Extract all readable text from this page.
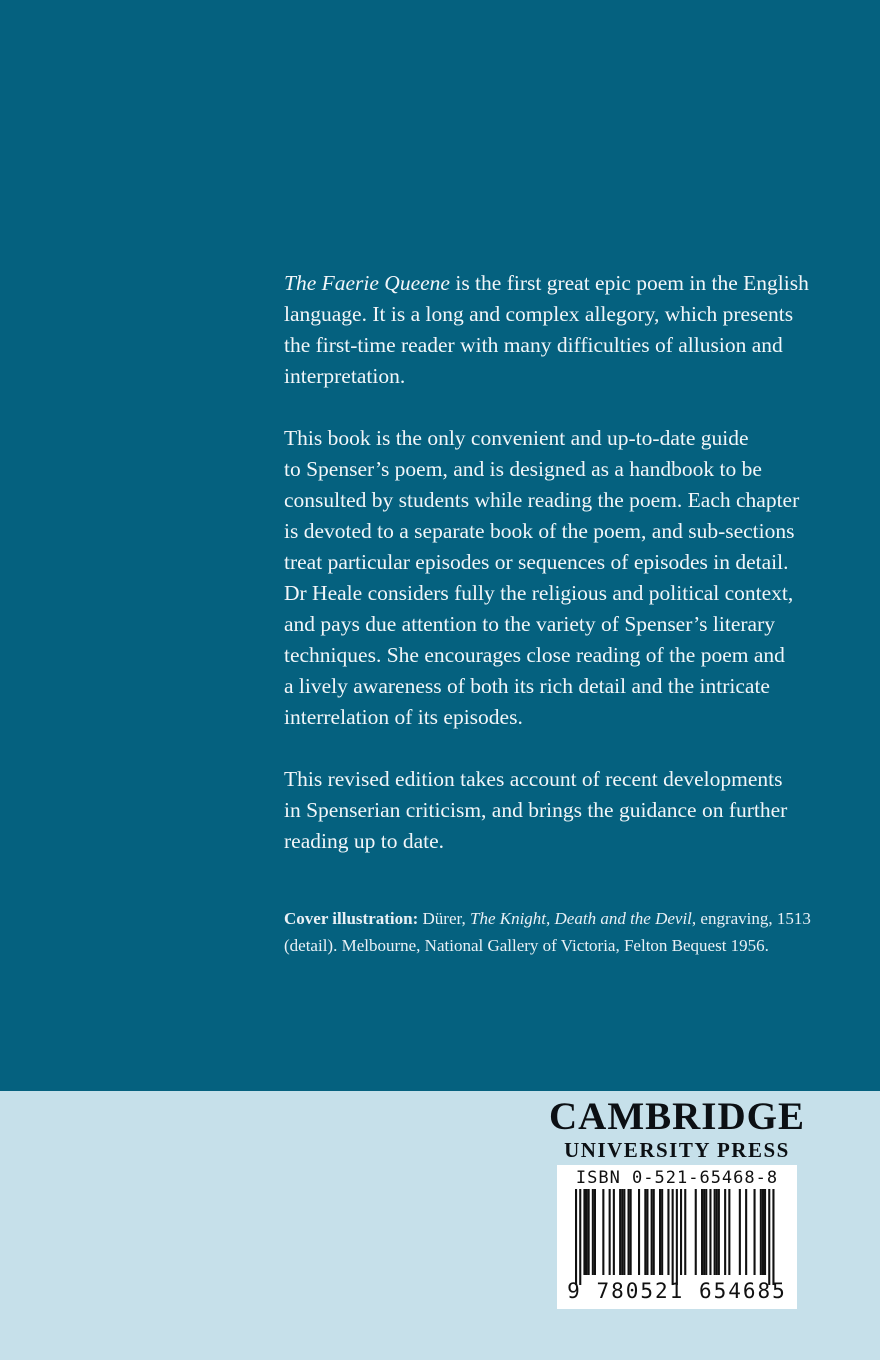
The Faerie Queene is the first great epic poem in the English
language. It is a long and complex allegory, which presents
the first-time reader with many difficulties of allusion and
interpretation.

This book is the only convenient and up-to-date guide
to Spenser’s poem, and is designed as a handbook to be
consulted by students while reading the poem. Each chapter
is devoted to a separate book of the poem, and sub-sections
treat particular episodes or sequences of episodes in detail.
Dr Heale considers fully the religious and political context,
and pays due attention to the variety of Spenser’s literary
techniques. She encourages close reading of the poem and
a lively awareness of both its rich detail and the intricate
interrelation of its episodes.

This revised edition takes account of recent developments
in Spenserian criticism, and brings the guidance on further
reading up to date.

Cover illustration: Dürer, The Knight, Death and the Devil, engraving, 1513
(detail). Melbourne, National Gallery of Victoria, Felton Bequest 1956.
CAMBRIDGE
UNIVERSITY PRESS
ISBN 0-521-65468-8
9 780521 654685
